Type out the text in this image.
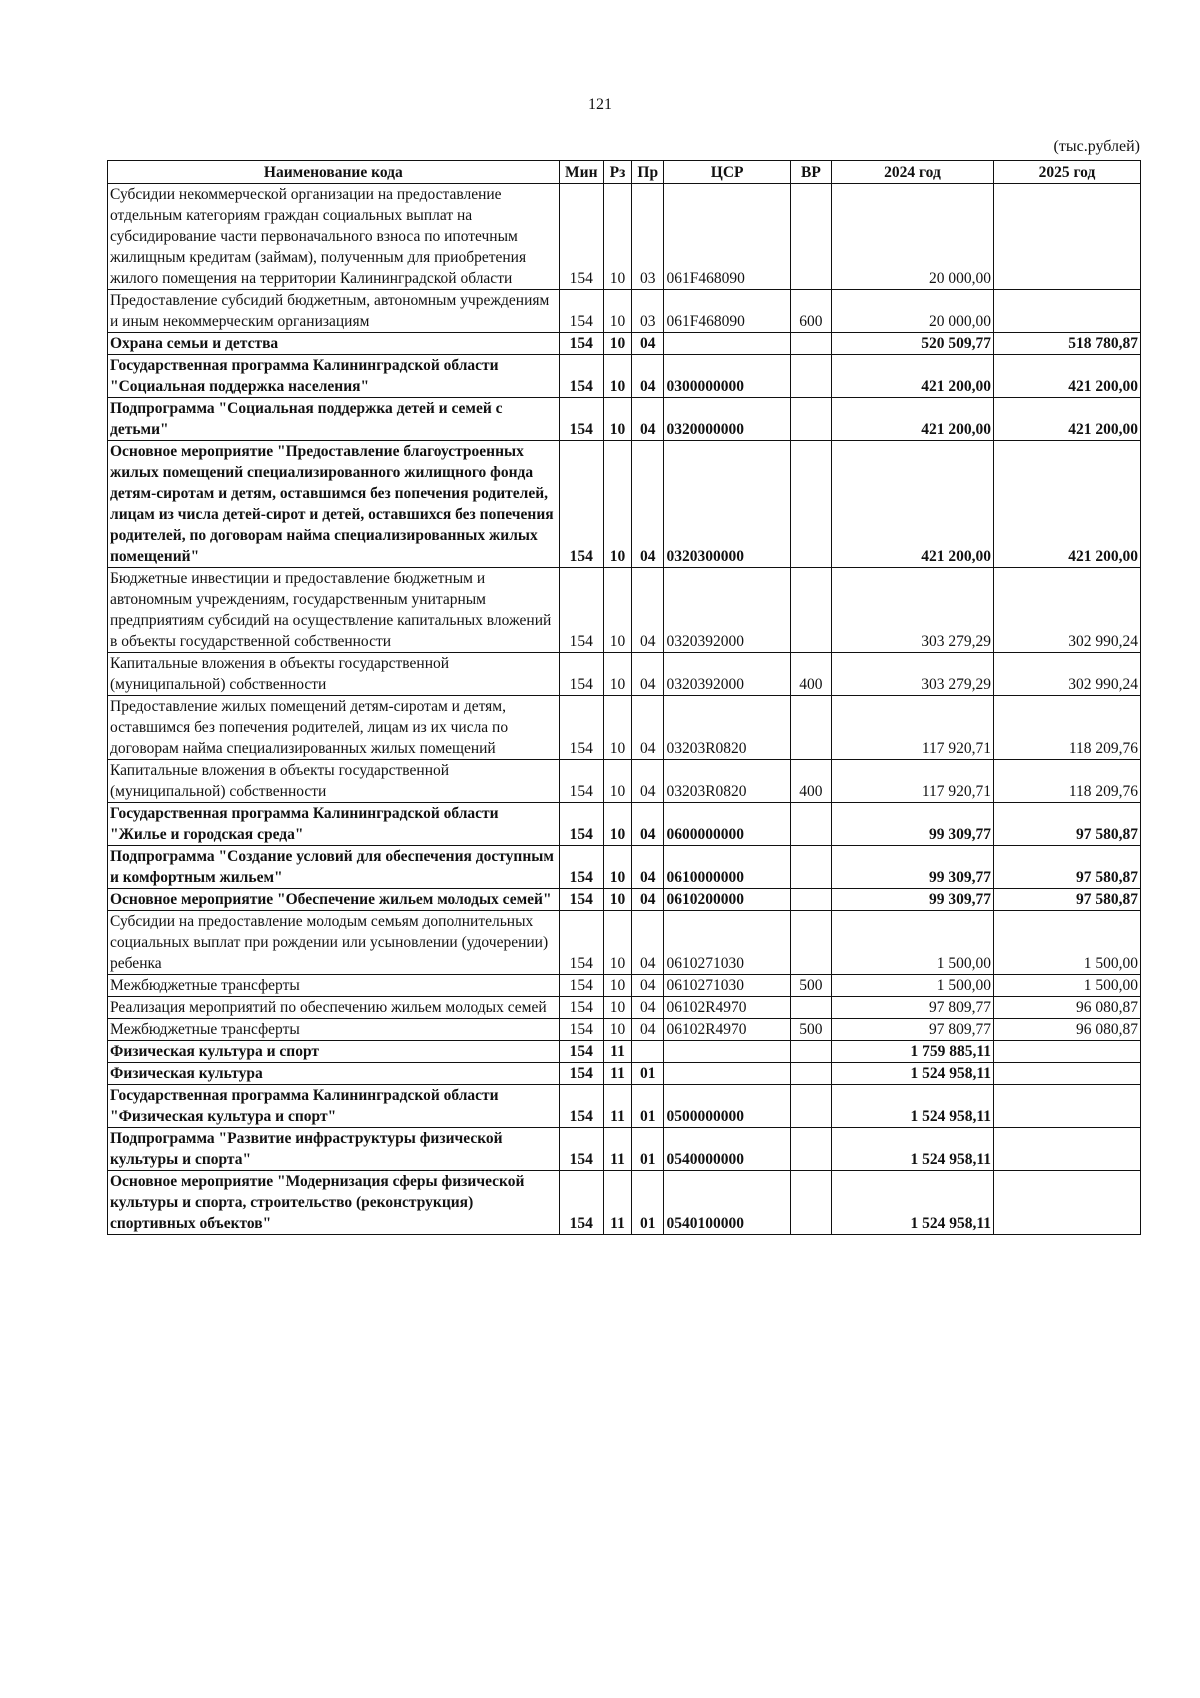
121
(тыс.рублей)
Наименование кода	Мин	Рз	Пр	ЦСР	ВР	2024 год	2025 год
Субсидии некоммерческой организации на предоставление отдельным категориям граждан социальных выплат на субсидирование части первоначального взноса по ипотечным жилищным кредитам (займам), полученным для приобретения жилого помещения на территории Калининградской области	154	10	03	061F468090		20 000,00	
Предоставление субсидий бюджетным, автономным учреждениям и иным некоммерческим организациям	154	10	03	061F468090	600	20 000,00	
Охрана семьи и детства	154	10	04			520 509,77	518 780,87
Государственная программа Калининградской области "Социальная поддержка населения"	154	10	04	0300000000		421 200,00	421 200,00
Подпрограмма "Социальная поддержка детей и семей с детьми"	154	10	04	0320000000		421 200,00	421 200,00
Основное мероприятие "Предоставление благоустроенных жилых помещений специализированного жилищного фонда детям-сиротам и детям, оставшимся без попечения родителей, лицам из числа детей-сирот и детей, оставшихся без попечения родителей, по договорам найма специализированных жилых помещений"	154	10	04	0320300000		421 200,00	421 200,00
Бюджетные инвестиции и предоставление бюджетным и автономным учреждениям, государственным унитарным предприятиям субсидий на осуществление капитальных вложений в объекты государственной собственности	154	10	04	0320392000		303 279,29	302 990,24
Капитальные вложения в объекты государственной (муниципальной) собственности	154	10	04	0320392000	400	303 279,29	302 990,24
Предоставление жилых помещений детям-сиротам и детям, оставшимся без попечения родителей, лицам из их числа по договорам найма специализированных жилых помещений	154	10	04	03203R0820		117 920,71	118 209,76
Капитальные вложения в объекты государственной (муниципальной) собственности	154	10	04	03203R0820	400	117 920,71	118 209,76
Государственная программа Калининградской области "Жилье и городская среда"	154	10	04	0600000000		99 309,77	97 580,87
Подпрограмма "Создание условий для обеспечения доступным и комфортным жильем"	154	10	04	0610000000		99 309,77	97 580,87
Основное мероприятие "Обеспечение жильем молодых семей"	154	10	04	0610200000		99 309,77	97 580,87
Субсидии на предоставление молодым семьям дополнительных социальных выплат при рождении или усыновлении (удочерении) ребенка	154	10	04	0610271030		1 500,00	1 500,00
Межбюджетные трансферты	154	10	04	0610271030	500	1 500,00	1 500,00
Реализация мероприятий по обеспечению жильем молодых семей	154	10	04	06102R4970		97 809,77	96 080,87
Межбюджетные трансферты	154	10	04	06102R4970	500	97 809,77	96 080,87
Физическая культура и спорт	154	11				1 759 885,11	
Физическая культура	154	11	01			1 524 958,11	
Государственная программа Калининградской области "Физическая культура и спорт"	154	11	01	0500000000		1 524 958,11	
Подпрограмма "Развитие инфраструктуры физической культуры и спорта"	154	11	01	0540000000		1 524 958,11	
Основное мероприятие "Модернизация сферы физической культуры и спорта, строительство (реконструкция) спортивных объектов"	154	11	01	0540100000		1 524 958,11	
